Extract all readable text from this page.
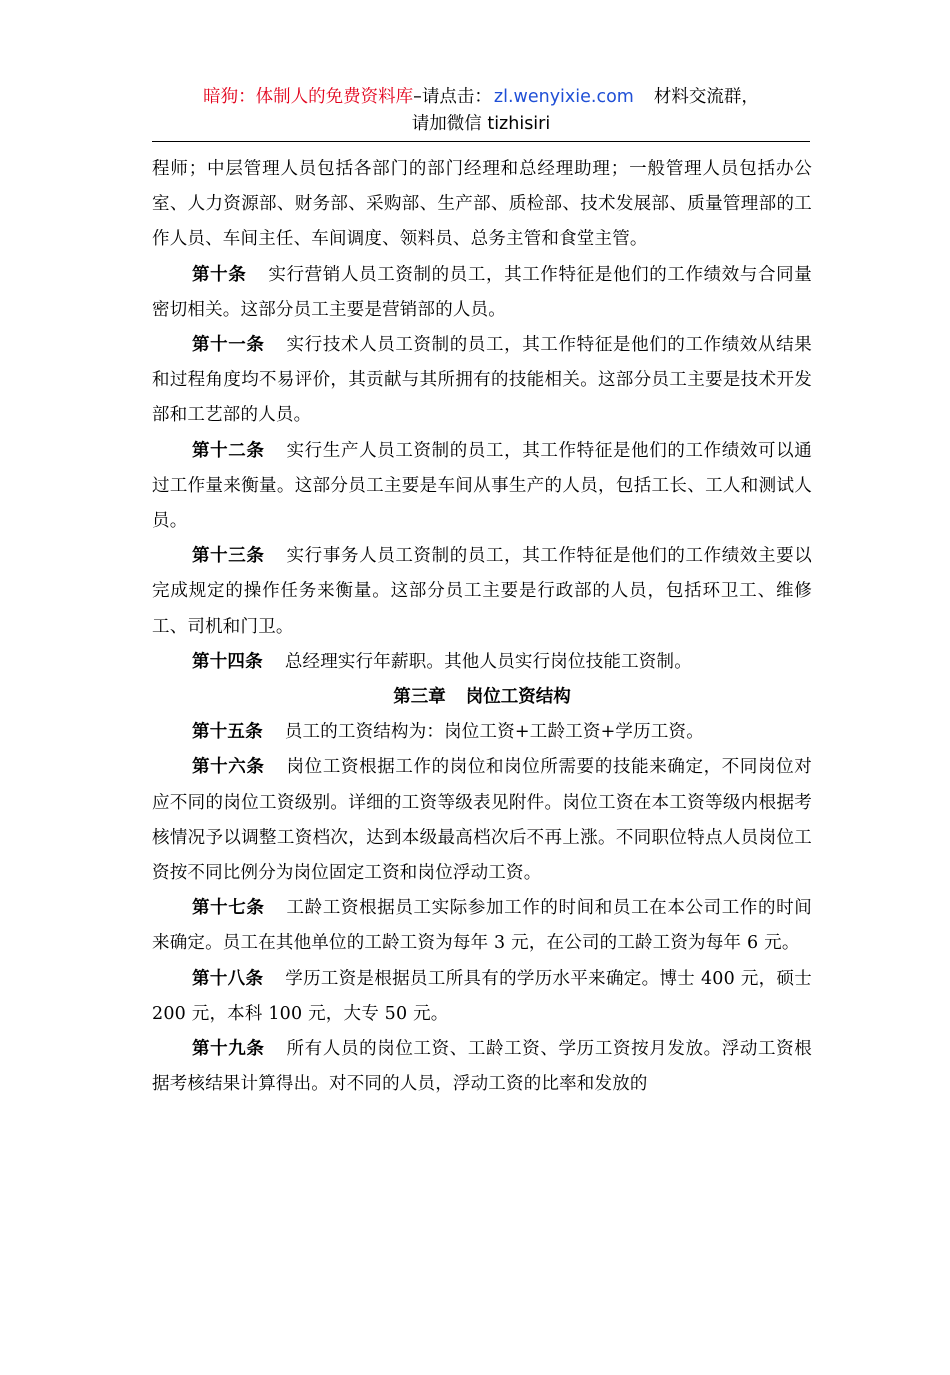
暗狗：体制人的免费资料库–请点击： zl.wenyixie.com 材料交流群，
请加微信 tizhisiri

程师；中层管理人员包括各部门的部门经理和总经理助理；一般管理人员包括办公室、人力资源部、财务部、采购部、生产部、质检部、技术发展部、质量管理部的工作人员、车间主任、车间调度、领料员、总务主管和食堂主管。

第十条 实行营销人员工资制的员工，其工作特征是他们的工作绩效与合同量密切相关。这部分员工主要是营销部的人员。

第十一条 实行技术人员工资制的员工，其工作特征是他们的工作绩效从结果和过程角度均不易评价，其贡献与其所拥有的技能相关。这部分员工主要是技术开发部和工艺部的人员。

第十二条 实行生产人员工资制的员工，其工作特征是他们的工作绩效可以通过工作量来衡量。这部分员工主要是车间从事生产的人员，包括工长、工人和测试人员。

第十三条 实行事务人员工资制的员工，其工作特征是他们的工作绩效主要以完成规定的操作任务来衡量。这部分员工主要是行政部的人员，包括环卫工、维修工、司机和门卫。

第十四条 总经理实行年薪职。其他人员实行岗位技能工资制。

第三章 岗位工资结构

第十五条 员工的工资结构为：岗位工资+工龄工资+学历工资。

第十六条 岗位工资根据工作的岗位和岗位所需要的技能来确定，不同岗位对应不同的岗位工资级别。详细的工资等级表见附件。岗位工资在本工资等级内根据考核情况予以调整工资档次，达到本级最高档次后不再上涨。不同职位特点人员岗位工资按不同比例分为岗位固定工资和岗位浮动工资。

第十七条 工龄工资根据员工实际参加工作的时间和员工在本公司工作的时间来确定。员工在其他单位的工龄工资为每年 3 元，在公司的工龄工资为每年 6 元。

第十八条 学历工资是根据员工所具有的学历水平来确定。博士 400 元，硕士 200 元，本科 100 元，大专 50 元。

第十九条 所有人员的岗位工资、工龄工资、学历工资按月发放。浮动工资根据考核结果计算得出。对不同的人员，浮动工资的比率和发放的
